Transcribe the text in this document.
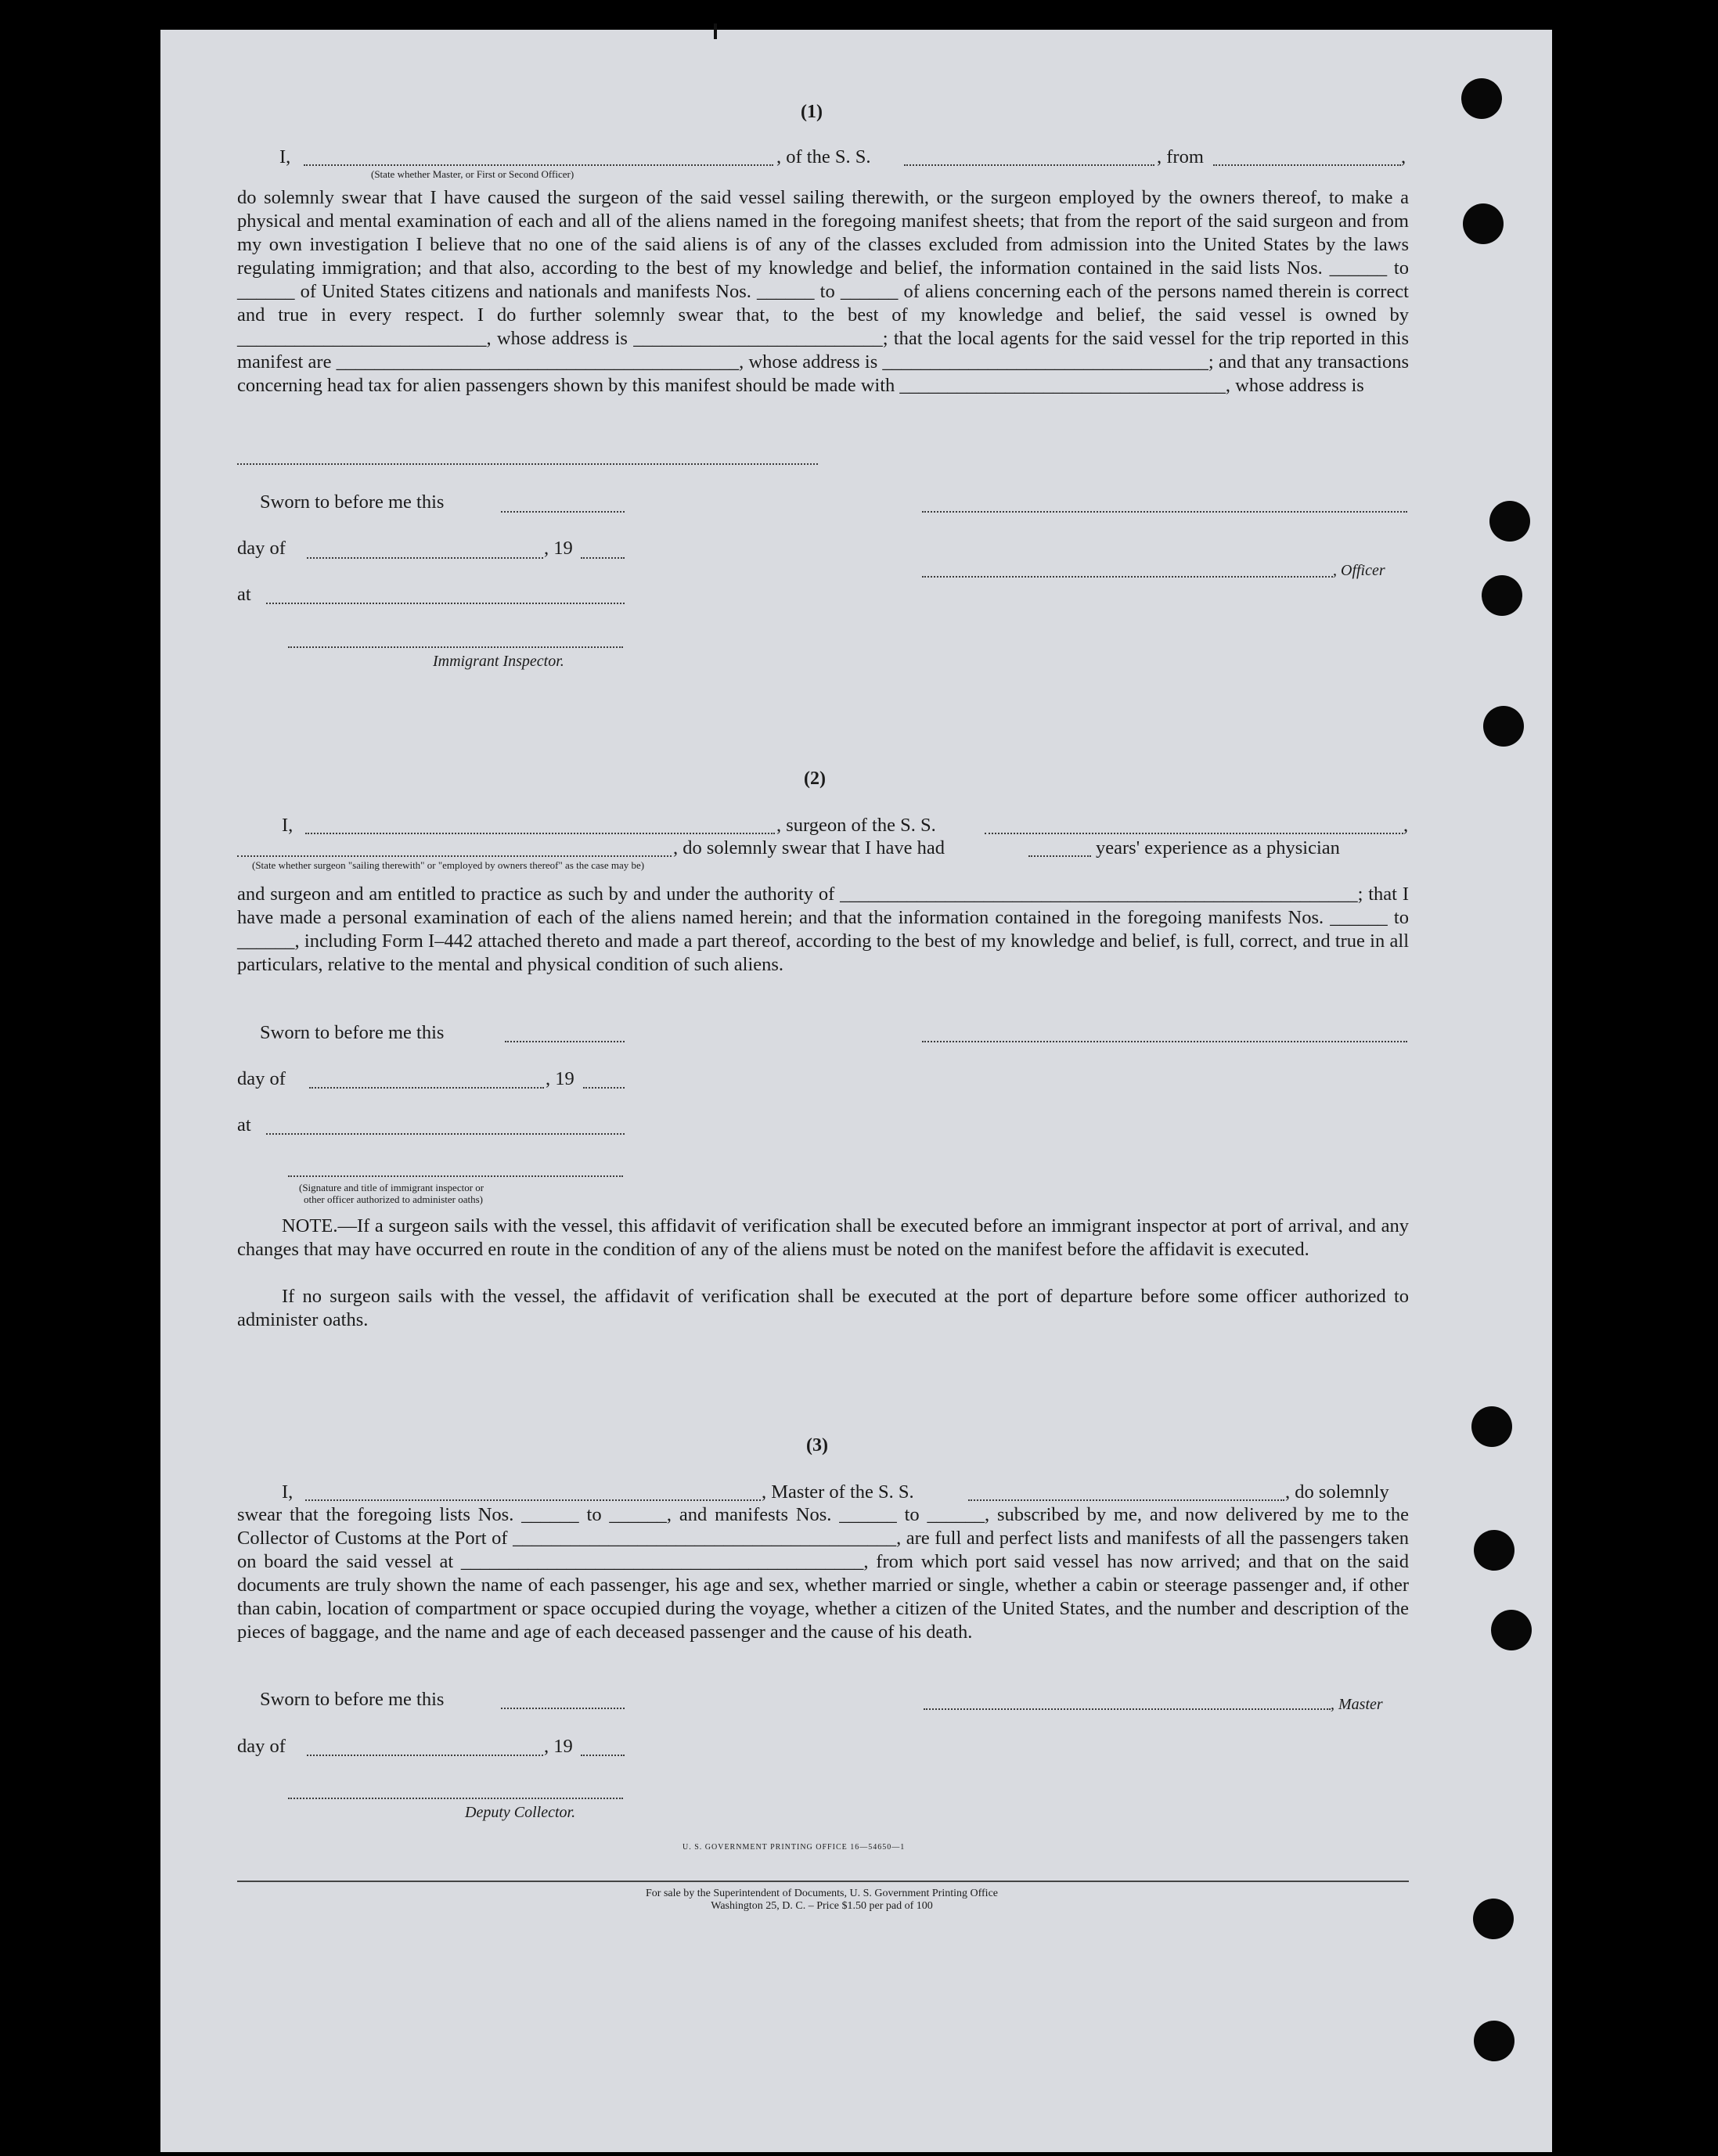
(1)
I,	, of the S. S.	, from	,
(State whether Master, or First or Second Officer)
do solemnly swear that I have caused the surgeon of the said vessel sailing therewith, or the surgeon employed by the owners thereof, to make a physical and mental examination of each and all of the aliens named in the foregoing manifest sheets; that from the report of the said surgeon and from my own investigation I believe that no one of the said aliens is of any of the classes excluded from admission into the United States by the laws regulating immigration; and that also, according to the best of my knowledge and belief, the information contained in the said lists Nos. ______ to ______ of United States citizens and nationals and manifests Nos. ______ to ______ of aliens concerning each of the persons named therein is correct and true in every respect. I do further solemnly swear that, to the best of my knowledge and belief, the said vessel is owned by __________________________, whose address is __________________________; that the local agents for the said vessel for the trip reported in this manifest are __________________________________________, whose address is __________________________________; and that any transactions concerning head tax for alien passengers shown by this manifest should be made with __________________________________, whose address is
Sworn to before me this
day of	, 19
, Officer
at
Immigrant Inspector.
(2)
I,	, surgeon of the S. S.	,
, do solemnly swear that I have had	years' experience as a physician
(State whether surgeon "sailing therewith" or "employed by owners thereof" as the case may be)
and surgeon and am entitled to practice as such by and under the authority of ______________________________________________________; that I have made a personal examination of each of the aliens named herein; and that the information contained in the foregoing manifests Nos. ______ to ______, including Form I–442 attached thereto and made a part thereof, according to the best of my knowledge and belief, is full, correct, and true in all particulars, relative to the mental and physical condition of such aliens.
Sworn to before me this
day of	, 19
at
(Signature and title of immigrant inspector or
other officer authorized to administer oaths)
NOTE.—If a surgeon sails with the vessel, this affidavit of verification shall be executed before an immigrant inspector at port of arrival, and any changes that may have occurred en route in the condition of any of the aliens must be noted on the manifest before the affidavit is executed.
If no surgeon sails with the vessel, the affidavit of verification shall be executed at the port of departure before some officer authorized to administer oaths.
(3)
I,	, Master of the S. S.	, do solemnly
swear that the foregoing lists Nos. ______ to ______, and manifests Nos. ______ to ______, subscribed by me, and now delivered by me to the Collector of Customs at the Port of ________________________________________, are full and perfect lists and manifests of all the passengers taken on board the said vessel at __________________________________________, from which port said vessel has now arrived; and that on the said documents are truly shown the name of each passenger, his age and sex, whether married or single, whether a cabin or steerage passenger and, if other than cabin, location of compartment or space occupied during the voyage, whether a citizen of the United States, and the number and description of the pieces of baggage, and the name and age of each deceased passenger and the cause of his death.
Sworn to before me this	, Master
day of	, 19
Deputy Collector.
U. S. GOVERNMENT PRINTING OFFICE 16—54650—1
For sale by the Superintendent of Documents, U. S. Government Printing Office
Washington 25, D. C. – Price $1.50 per pad of 100
